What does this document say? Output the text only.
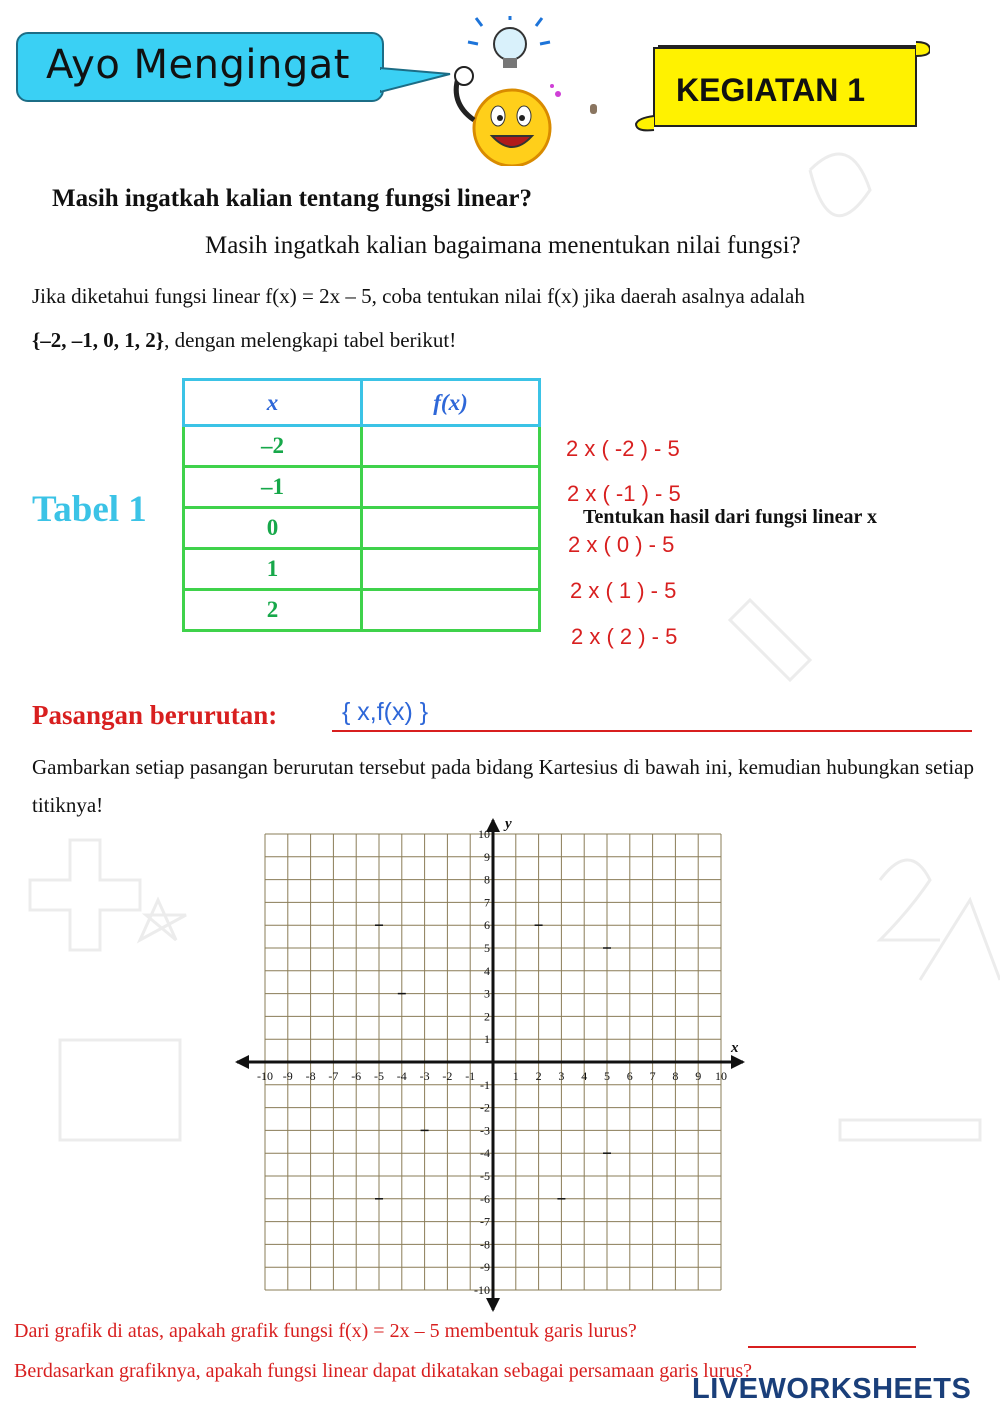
Ayo Mengingat
KEGIATAN 1
Masih ingatkah kalian tentang fungsi linear?
Masih ingatkah kalian bagaimana menentukan nilai fungsi?
Jika diketahui fungsi linear f(x) = 2x – 5, coba tentukan nilai f(x) jika daerah asalnya adalah
{–2, –1, 0, 1, 2}, dengan melengkapi tabel berikut!
Tabel 1
x	f(x)
–2	
–1	
0	
1	
2	
2 x ( -2 ) - 5
2 x ( -1 ) - 5
Tentukan hasil dari fungsi linear x
2 x ( 0 ) - 5
2 x ( 1 ) - 5
2 x ( 2 ) - 5
Pasangan berurutan:	{ x,f(x) }
Gambarkan setiap pasangan berurutan tersebut pada bidang Kartesius di bawah ini, kemudian hubungkan setiap titiknya!
-10 -9 -8 -7 -6 -5 -4 -3 -2 -1	1 2 3 4 5 6 7 8 9 10
10
9
8
7
6
5
4
3
2
1
-1
-2
-3
-4
-5
-6
-7
-8
-9
-10
x
y
Dari grafik di atas, apakah grafik fungsi f(x) = 2x – 5 membentuk garis lurus?
Berdasarkan grafiknya, apakah fungsi linear dapat dikatakan sebagai persamaan garis lurus?
LIVEWORKSHEETS
